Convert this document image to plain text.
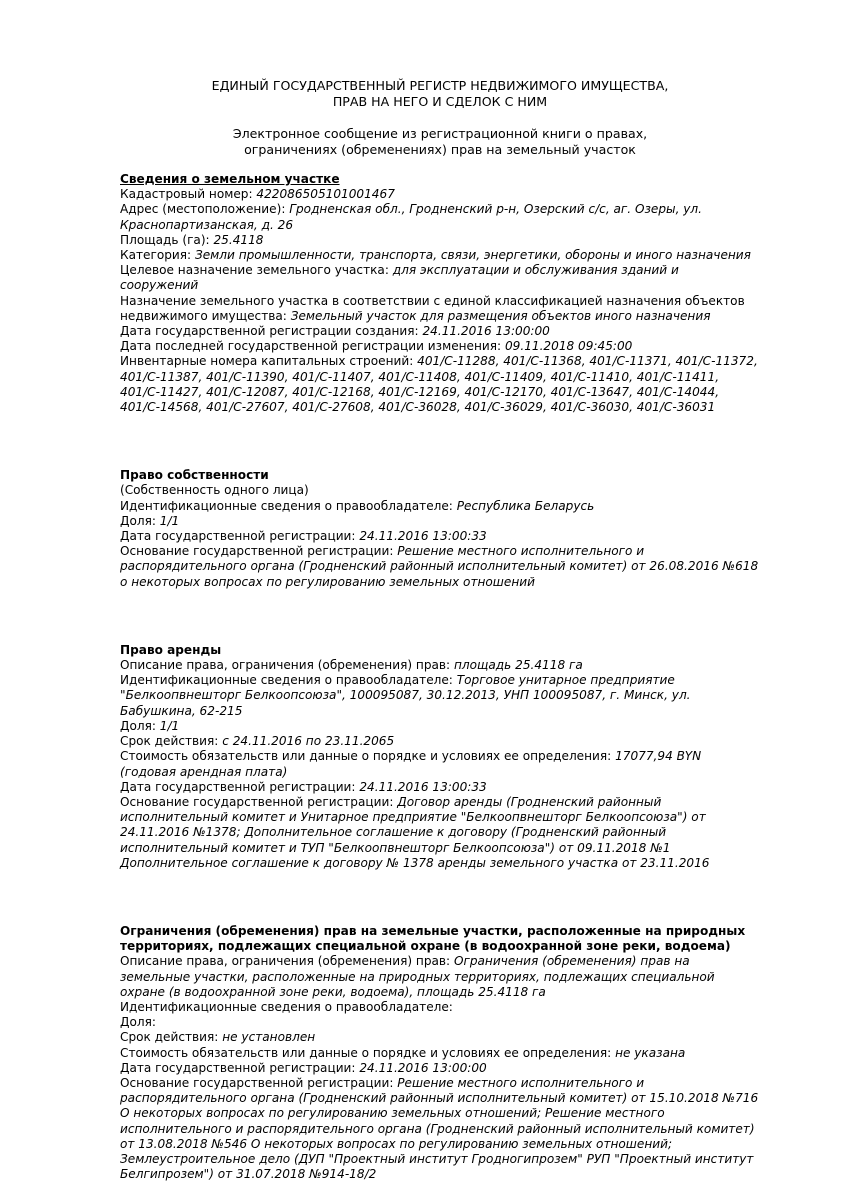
ЕДИНЫЙ ГОСУДАРСТВЕННЫЙ РЕГИСТР НЕДВИЖИМОГО ИМУЩЕСТВА,
ПРАВ НА НЕГО И СДЕЛОК С НИМ
Электронное сообщение из регистрационной книги о правах,
ограничениях (обременениях) прав на земельный участок
Сведения о земельном участке
Кадастровый номер: 422086505101001467
Адрес (местоположение): Гродненская обл., Гродненский р-н, Озерский с/с, аг. Озеры, ул. Краснопартизанская, д. 26
Площадь (га): 25.4118
Категория: Земли промышленности, транспорта, связи, энергетики, обороны и иного назначения
Целевое назначение земельного участка: для эксплуатации и обслуживания зданий и сооружений
Назначение земельного участка в соответствии с единой классификацией назначения объектов недвижимого имущества: Земельный участок для размещения объектов иного назначения
Дата государственной регистрации создания: 24.11.2016 13:00:00
Дата последней государственной регистрации изменения: 09.11.2018 09:45:00
Инвентарные номера капитальных строений: 401/C-11288, 401/C-11368, 401/C-11371, 401/C-11372, 401/C-11387, 401/C-11390, 401/C-11407, 401/C-11408, 401/C-11409, 401/C-11410, 401/C-11411, 401/C-11427, 401/C-12087, 401/C-12168, 401/C-12169, 401/C-12170, 401/C-13647, 401/C-14044, 401/C-14568, 401/C-27607, 401/C-27608, 401/C-36028, 401/C-36029, 401/C-36030, 401/C-36031
Право собственности
(Собственность одного лица)
Идентификационные сведения о правообладателе: Республика Беларусь
Доля: 1/1
Дата государственной регистрации: 24.11.2016 13:00:33
Основание государственной регистрации: Решение местного исполнительного и распорядительного органа (Гродненский районный исполнительный комитет) от 26.08.2016 №618 о некоторых вопросах по регулированию земельных отношений
Право аренды
Описание права, ограничения (обременения) прав: площадь 25.4118 га
Идентификационные сведения о правообладателе: Торговое унитарное предприятие "Белкоопвнешторг Белкоопсоюза", 100095087, 30.12.2013, УНП 100095087, г. Минск, ул. Бабушкина, 62-215
Доля: 1/1
Срок действия: с 24.11.2016 по 23.11.2065
Стоимость обязательств или данные о порядке и условиях ее определения: 17077,94 BYN (годовая арендная плата)
Дата государственной регистрации: 24.11.2016 13:00:33
Основание государственной регистрации: Договор аренды (Гродненский районный исполнительный комитет и Унитарное предприятие "Белкоопвнешторг Белкоопсоюза") от 24.11.2016 №1378; Дополнительное соглашение к договору (Гродненский районный исполнительный комитет и ТУП "Белкоопвнешторг Белкоопсоюза") от 09.11.2018 №1 Дополнительное соглашение к договору № 1378 аренды земельного участка от 23.11.2016
Ограничения (обременения) прав на земельные участки, расположенные на природных территориях, подлежащих специальной охране (в водоохранной зоне реки, водоема)
Описание права, ограничения (обременения) прав: Ограничения (обременения) прав на земельные участки, расположенные на природных территориях, подлежащих специальной охране (в водоохранной зоне реки, водоема), площадь 25.4118 га
Идентификационные сведения о правообладателе:
Доля:
Срок действия: не установлен
Стоимость обязательств или данные о порядке и условиях ее определения: не указана
Дата государственной регистрации: 24.11.2016 13:00:00
Основание государственной регистрации: Решение местного исполнительного и распорядительного органа (Гродненский районный исполнительный комитет) от 15.10.2018 №716 О некоторых вопросах по регулированию земельных отношений; Решение местного исполнительного и распорядительного органа (Гродненский районный исполнительный комитет) от 13.08.2018 №546 О некоторых вопросах по регулированию земельных отношений; Землеустроительное дело (ДУП "Проектный институт Гродногипрозем" РУП "Проектный институт Белгипрозем") от 31.07.2018 №914-18/2
